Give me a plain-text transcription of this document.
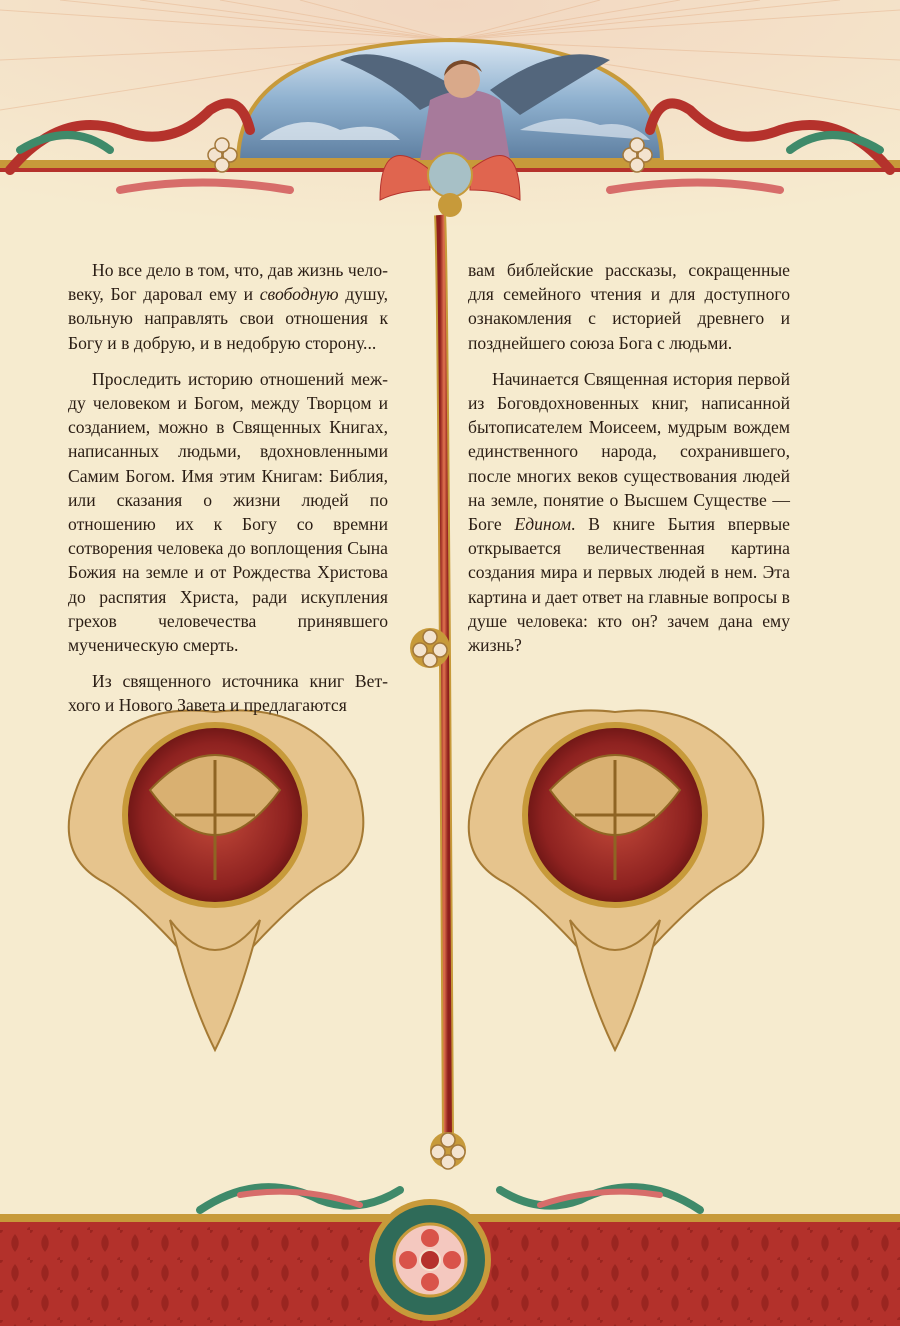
Но все дело в том, что, дав жизнь человеку, Бог даровал ему и свободную душу, вольную направлять свои отношения к Богу и в добрую, и в недобрую сторону...

Проследить историю отношений между человеком и Богом, между Творцом и созданием, можно в Священных Книгах, написанных людьми, вдохновленными Самим Богом. Имя этим Книгам: Библия, или сказания о жизни людей по отношению их к Богу со времни сотворения человека до воплощения Сына Божия на земле и от Рождества Христова до распятия Христа, ради искупления грехов человечества принявшего мученическую смерть.

Из священного источника книг Ветхого и Нового Завета и предлагаются

вам библейские рассказы, сокращенные для семейного чтения и для доступного ознакомления с историей древнего и позднейшего союза Бога с людьми.

Начинается Священная история первой из Боговдохновенных книг, написанной бытописателем Моисеем, мудрым вождем единственного народа, сохранившего, после многих веков существования людей на земле, понятие о Высшем Существе — Боге Едином. В книге Бытия впервые открывается величественная картина создания мира и первых людей в нем. Эта картина и дает ответ на главные вопросы в душе человека: кто он? зачем дана ему жизнь?
